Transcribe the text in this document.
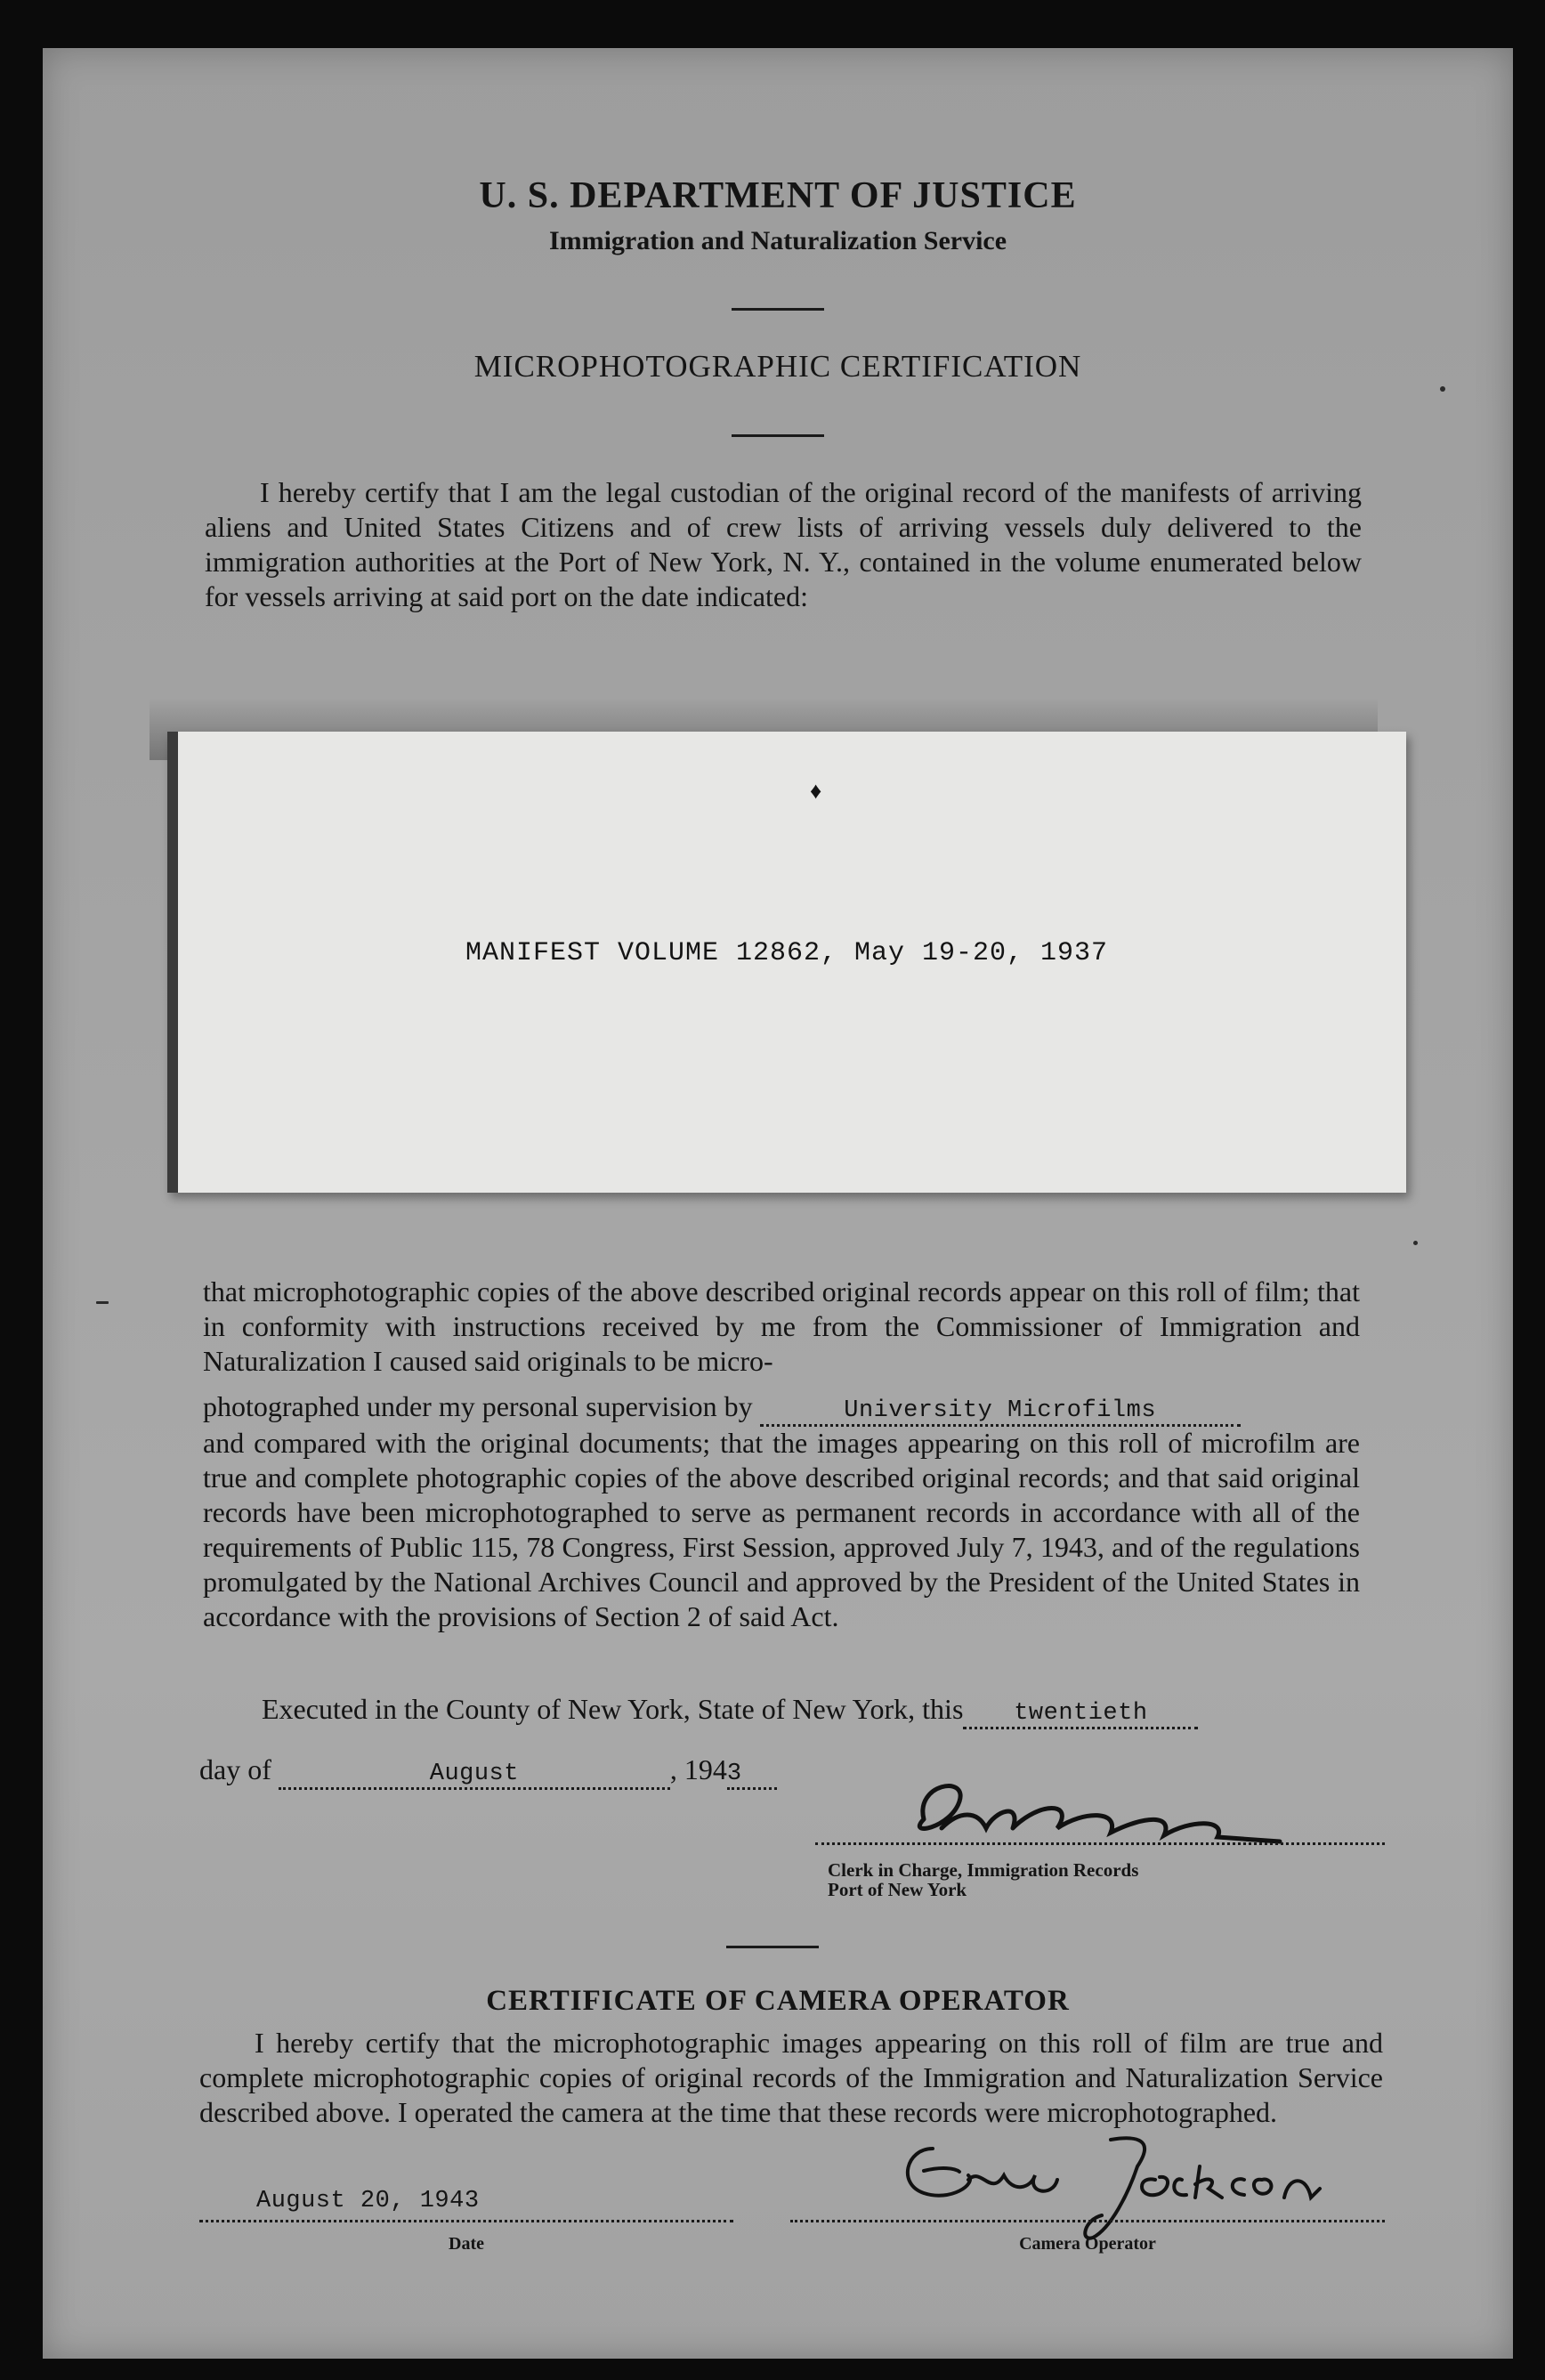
U. S. DEPARTMENT OF JUSTICE
Immigration and Naturalization Service
MICROPHOTOGRAPHIC CERTIFICATION
I hereby certify that I am the legal custodian of the original record of the manifests of arriving aliens and United States Citizens and of crew lists of arriving vessels duly delivered to the immigration authorities at the Port of New York, N. Y., contained in the volume enumerated below for vessels arriving at said port on the date indicated:
♦
MANIFEST VOLUME 12862, May 19-20, 1937
that microphotographic copies of the above described original records appear on this roll of film; that in conformity with instructions received by me from the Commissioner of Immigration and Naturalization I caused said originals to be micro-
photographed under my personal supervision by	University Microfilms
and compared with the original documents; that the images appearing on this roll of microfilm are true and complete photographic copies of the above described original records; and that said original records have been microphotographed to serve as permanent records in accordance with all of the requirements of Public 115, 78 Congress, First Session, approved July 7, 1943, and of the regulations promulgated by the National Archives Council and approved by the President of the United States in accordance with the provisions of Section 2 of said Act.
Executed in the County of New York, State of New York, this twentieth
day of	August	, 1943
Clerk in Charge, Immigration Records
Port of New York
CERTIFICATE OF CAMERA OPERATOR
I hereby certify that the microphotographic images appearing on this roll of film are true and complete microphotographic copies of original records of the Immigration and Naturalization Service described above. I operated the camera at the time that these records were microphotographed.
August 20, 1943
Date	Camera Operator
